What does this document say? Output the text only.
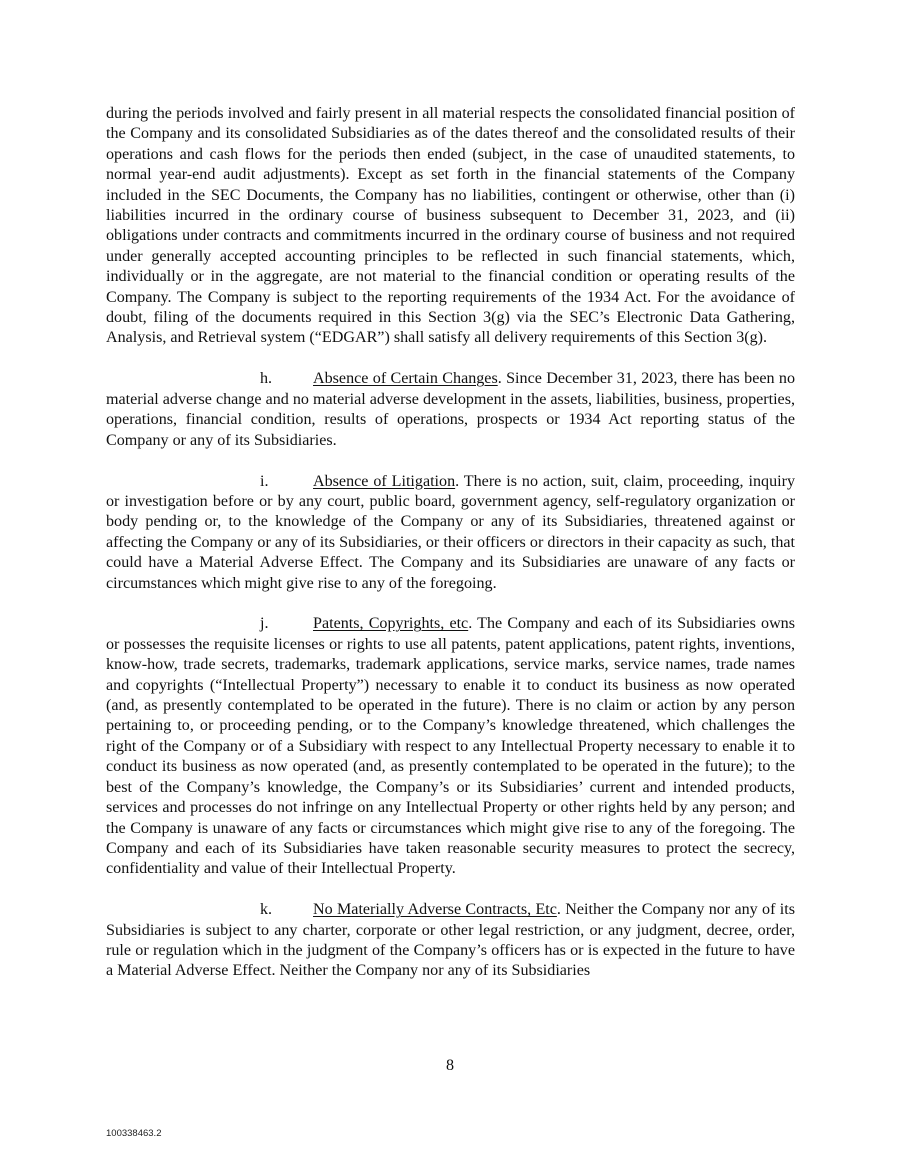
during the periods involved and fairly present in all material respects the consolidated financial position of the Company and its consolidated Subsidiaries as of the dates thereof and the consolidated results of their operations and cash flows for the periods then ended (subject, in the case of unaudited statements, to normal year-end audit adjustments). Except as set forth in the financial statements of the Company included in the SEC Documents, the Company has no liabilities, contingent or otherwise, other than (i) liabilities incurred in the ordinary course of business subsequent to December 31, 2023, and (ii) obligations under contracts and commitments incurred in the ordinary course of business and not required under generally accepted accounting principles to be reflected in such financial statements, which, individually or in the aggregate, are not material to the financial condition or operating results of the Company. The Company is subject to the reporting requirements of the 1934 Act. For the avoidance of doubt, filing of the documents required in this Section 3(g) via the SEC’s Electronic Data Gathering, Analysis, and Retrieval system (“EDGAR”) shall satisfy all delivery requirements of this Section 3(g).

h.	Absence of Certain Changes. Since December 31, 2023, there has been no material adverse change and no material adverse development in the assets, liabilities, business, properties, operations, financial condition, results of operations, prospects or 1934 Act reporting status of the Company or any of its Subsidiaries.

i.	Absence of Litigation. There is no action, suit, claim, proceeding, inquiry or investigation before or by any court, public board, government agency, self-regulatory organization or body pending or, to the knowledge of the Company or any of its Subsidiaries, threatened against or affecting the Company or any of its Subsidiaries, or their officers or directors in their capacity as such, that could have a Material Adverse Effect. The Company and its Subsidiaries are unaware of any facts or circumstances which might give rise to any of the foregoing.

j.	Patents, Copyrights, etc. The Company and each of its Subsidiaries owns or possesses the requisite licenses or rights to use all patents, patent applications, patent rights, inventions, know-how, trade secrets, trademarks, trademark applications, service marks, service names, trade names and copyrights (“Intellectual Property”) necessary to enable it to conduct its business as now operated (and, as presently contemplated to be operated in the future). There is no claim or action by any person pertaining to, or proceeding pending, or to the Company’s knowledge threatened, which challenges the right of the Company or of a Subsidiary with respect to any Intellectual Property necessary to enable it to conduct its business as now operated (and, as presently contemplated to be operated in the future); to the best of the Company’s knowledge, the Company’s or its Subsidiaries’ current and intended products, services and processes do not infringe on any Intellectual Property or other rights held by any person; and the Company is unaware of any facts or circumstances which might give rise to any of the foregoing. The Company and each of its Subsidiaries have taken reasonable security measures to protect the secrecy, confidentiality and value of their Intellectual Property.

k.	No Materially Adverse Contracts, Etc. Neither the Company nor any of its Subsidiaries is subject to any charter, corporate or other legal restriction, or any judgment, decree, order, rule or regulation which in the judgment of the Company’s officers has or is expected in the future to have a Material Adverse Effect. Neither the Company nor any of its Subsidiaries

8
100338463.2
